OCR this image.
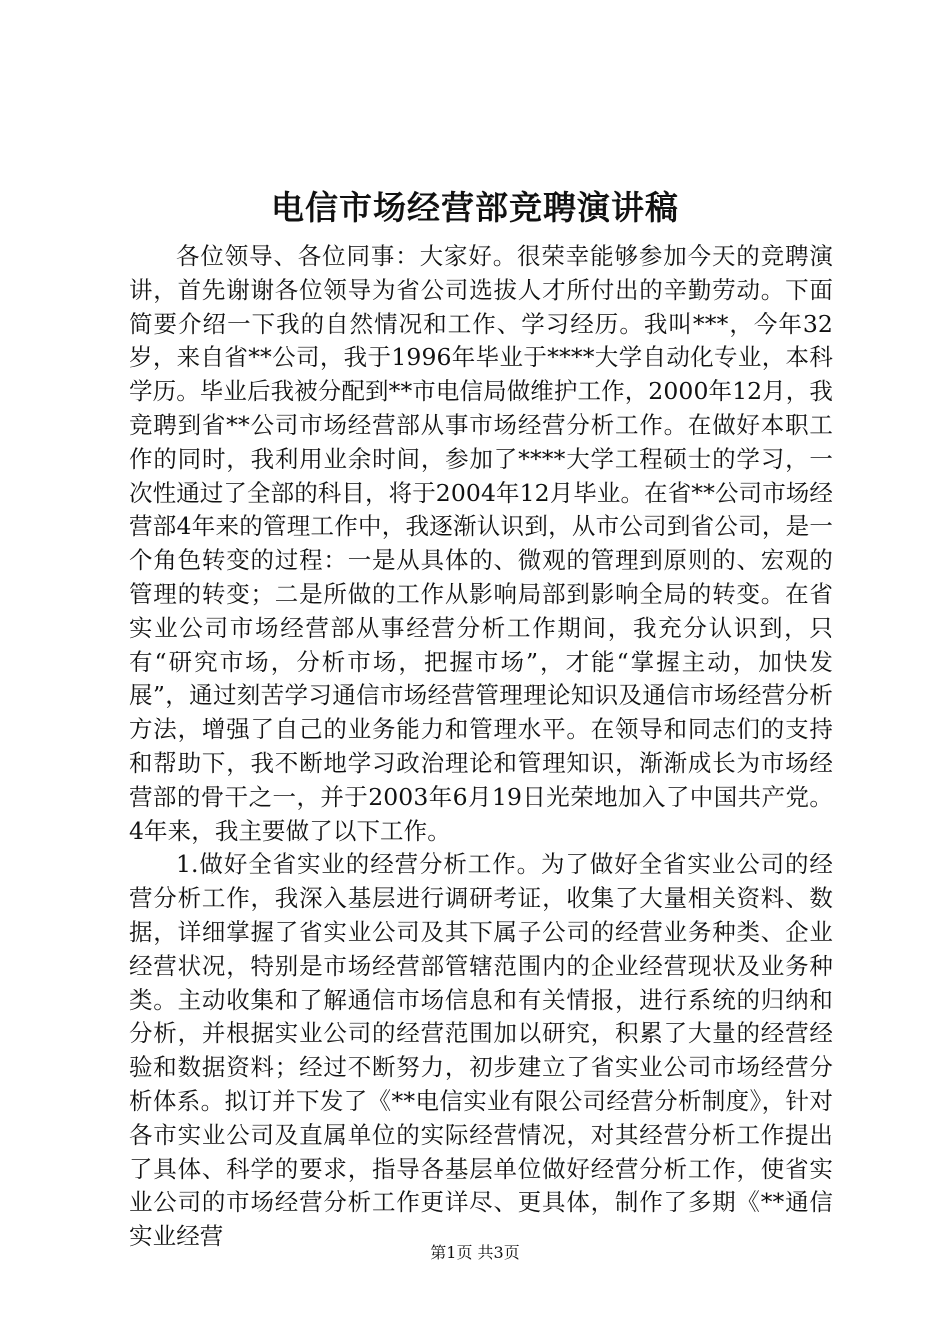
电信市场经营部竞聘演讲稿

各位领导、各位同事：大家好。很荣幸能够参加今天的竞聘演讲，首先谢谢各位领导为省公司选拔人才所付出的辛勤劳动。下面简要介绍一下我的自然情况和工作、学习经历。我叫***，今年32岁，来自省**公司，我于1996年毕业于****大学自动化专业，本科学历。毕业后我被分配到**市电信局做维护工作，2000年12月，我竞聘到省**公司市场经营部从事市场经营分析工作。在做好本职工作的同时，我利用业余时间，参加了****大学工程硕士的学习，一次性通过了全部的科目，将于2004年12月毕业。在省**公司市场经营部4年来的管理工作中，我逐渐认识到，从市公司到省公司，是一个角色转变的过程：一是从具体的、微观的管理到原则的、宏观的管理的转变；二是所做的工作从影响局部到影响全局的转变。在省实业公司市场经营部从事经营分析工作期间，我充分认识到，只有“研究市场，分析市场，把握市场”，才能“掌握主动，加快发展”，通过刻苦学习通信市场经营管理理论知识及通信市场经营分析方法，增强了自己的业务能力和管理水平。在领导和同志们的支持和帮助下，我不断地学习政治理论和管理知识，渐渐成长为市场经营部的骨干之一，并于2003年6月19日光荣地加入了中国共产党。4年来，我主要做了以下工作。

1.做好全省实业的经营分析工作。为了做好全省实业公司的经营分析工作，我深入基层进行调研考证，收集了大量相关资料、数据，详细掌握了省实业公司及其下属子公司的经营业务种类、企业经营状况，特别是市场经营部管辖范围内的企业经营现状及业务种类。主动收集和了解通信市场信息和有关情报，进行系统的归纳和分析，并根据实业公司的经营范围加以研究，积累了大量的经营经验和数据资料；经过不断努力，初步建立了省实业公司市场经营分析体系。拟订并下发了《**电信实业有限公司经营分析制度》，针对各市实业公司及直属单位的实际经营情况，对其经营分析工作提出了具体、科学的要求，指导各基层单位做好经营分析工作，使省实业公司的市场经营分析工作更详尽、更具体，制作了多期《**通信实业经营

第1页 共3页
